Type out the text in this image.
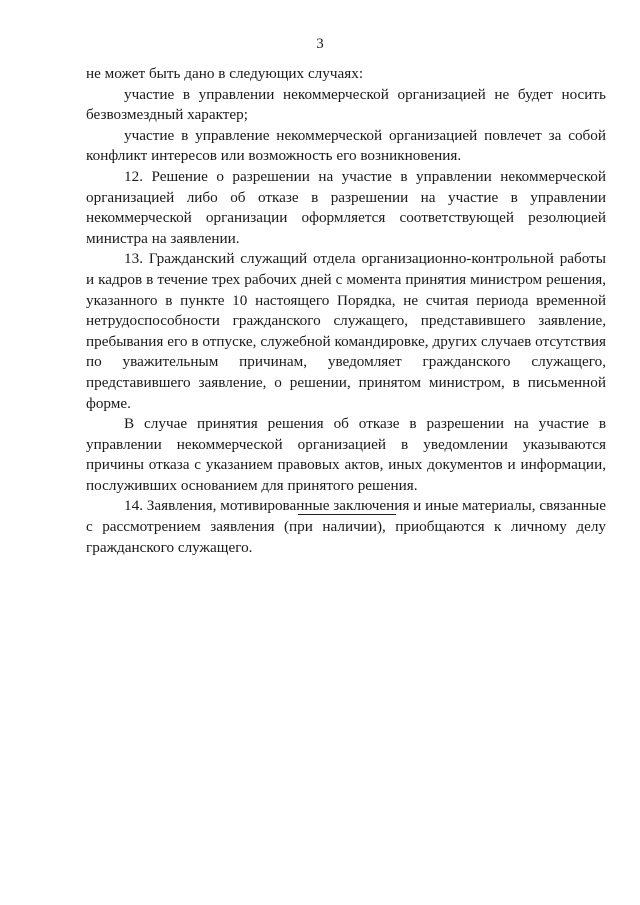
3

не может быть дано в следующих случаях:

участие в управлении некоммерческой организацией не будет носить безвозмездный характер;

участие в управление некоммерческой организацией повлечет за собой конфликт интересов или возможность его возникновения.

12. Решение о разрешении на участие в управлении некоммерческой организацией либо об отказе в разрешении на участие в управлении некоммерческой организации оформляется соответствующей резолюцией министра на заявлении.

13. Гражданский служащий отдела организационно-контрольной работы и кадров в течение трех рабочих дней с момента принятия министром решения, указанного в пункте 10 настоящего Порядка, не считая периода временной нетрудоспособности гражданского служащего, представившего заявление, пребывания его в отпуске, служебной командировке, других случаев отсутствия по уважительным причинам, уведомляет гражданского служащего, представившего заявление, о решении, принятом министром, в письменной форме.

В случае принятия решения об отказе в разрешении на участие в управлении некоммерческой организацией в уведомлении указываются причины отказа с указанием правовых актов, иных документов и информации, послуживших основанием для принятого решения.

14. Заявления, мотивированные заключения и иные материалы, связанные с рассмотрением заявления (при наличии), приобщаются к личному делу гражданского служащего.
